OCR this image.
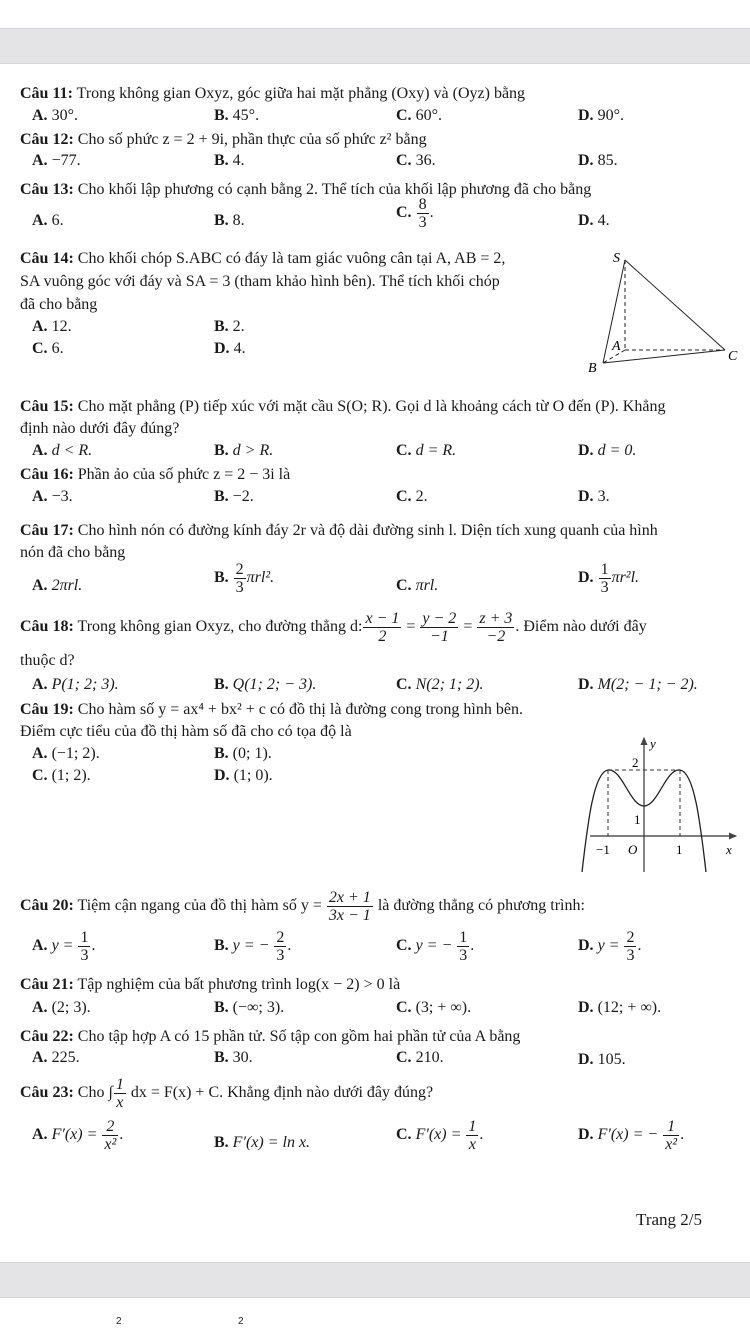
Câu 11: Trong không gian Oxyz, góc giữa hai mặt phẳng (Oxy) và (Oyz) bằng
A. 30°.	B. 45°.	C. 60°.	D. 90°.
Câu 12: Cho số phức z = 2 + 9i, phần thực của số phức z² bằng
A. −77.	B. 4.	C. 36.	D. 85.
Câu 13: Cho khối lập phương có cạnh bằng 2. Thể tích của khối lập phương đã cho bằng
A. 6.	B. 8.	C. $\frac{8}{3}$ .	D. 4.
Câu 14: Cho khối chóp S.ABC có đáy là tam giác vuông cân tại A, AB = 2,
SA vuông góc với đáy và SA = 3 (tham khảo hình bên). Thể tích khối chóp
đã cho bằng
A. 12.	B. 2.
C. 6.	D. 4.
S
A
B
C
Câu 15: Cho mặt phẳng (P) tiếp xúc với mặt cầu S(O; R). Gọi d là khoảng cách từ O đến (P). Khẳng
định nào dưới đây đúng?
A. d < R.	B. d > R.	C. d = R.	D. d = 0.
Câu 16: Phần ảo của số phức z = 2 − 3i là
A. −3.	B. −2.	C. 2.	D. 3.
Câu 17: Cho hình nón có đường kính đáy 2r và độ dài đường sinh l. Diện tích xung quanh của hình
nón đã cho bằng
A. 2πrl.	B. $\frac{2}{3} \pi rl^2$.	C. πrl.	D. $\frac{1}{3} \pi r^2l$.
Câu 18: Trong không gian Oxyz, cho đường thẳng d: $\frac{x - 1}{2} = \frac{y - 2}{-1} = \frac{z + 3}{-2}$ . Điểm nào dưới đây
thuộc d?
A. P(1; 2; 3).	B. Q(1; 2; − 3).	C. N(2; 1; 2).	D. M(2; − 1; − 2).
Câu 19: Cho hàm số y = ax⁴ + bx² + c có đồ thị là đường cong trong hình bên.
Điểm cực tiểu của đồ thị hàm số đã cho có tọa độ là
A. (−1; 2).	B. (0; 1).
C. (1; 2).	D. (1; 0).
y
2
1
−1 O	1	x
Câu 20: Tiệm cận ngang của đồ thị hàm số $y = \frac{2x + 1}{3x - 1}$ là đường thẳng có phương trình:
A. $y = \frac{1}{3}$ .	B. y = − $\frac{2}{3}$ .	C. y = − $\frac{1}{3}$ .	D. $y = \frac{2}{3}$ .
Câu 21: Tập nghiệm của bất phương trình log(x − 2) > 0 là
A. (2; 3).	B. (−∞; 3).	C. (3; + ∞).	D. (12; + ∞).
Câu 22: Cho tập hợp A có 15 phần tử. Số tập con gồm hai phần tử của A bằng
A. 225.	B. 30.	C. 210.	D. 105.
Câu 23: Cho ∫ $\frac{1}{x}$ dx = F(x) + C. Khẳng định nào dưới đây đúng?
A. $F'(x) = \frac{2}{\text{x²}}$ .	B. F′(x) = ln x.	C. $F'(x) = \frac{1}{x}$ .	D. F′(x) = − $\frac{1}{\text{x²}}$ .
Trang 2/5
2	2
